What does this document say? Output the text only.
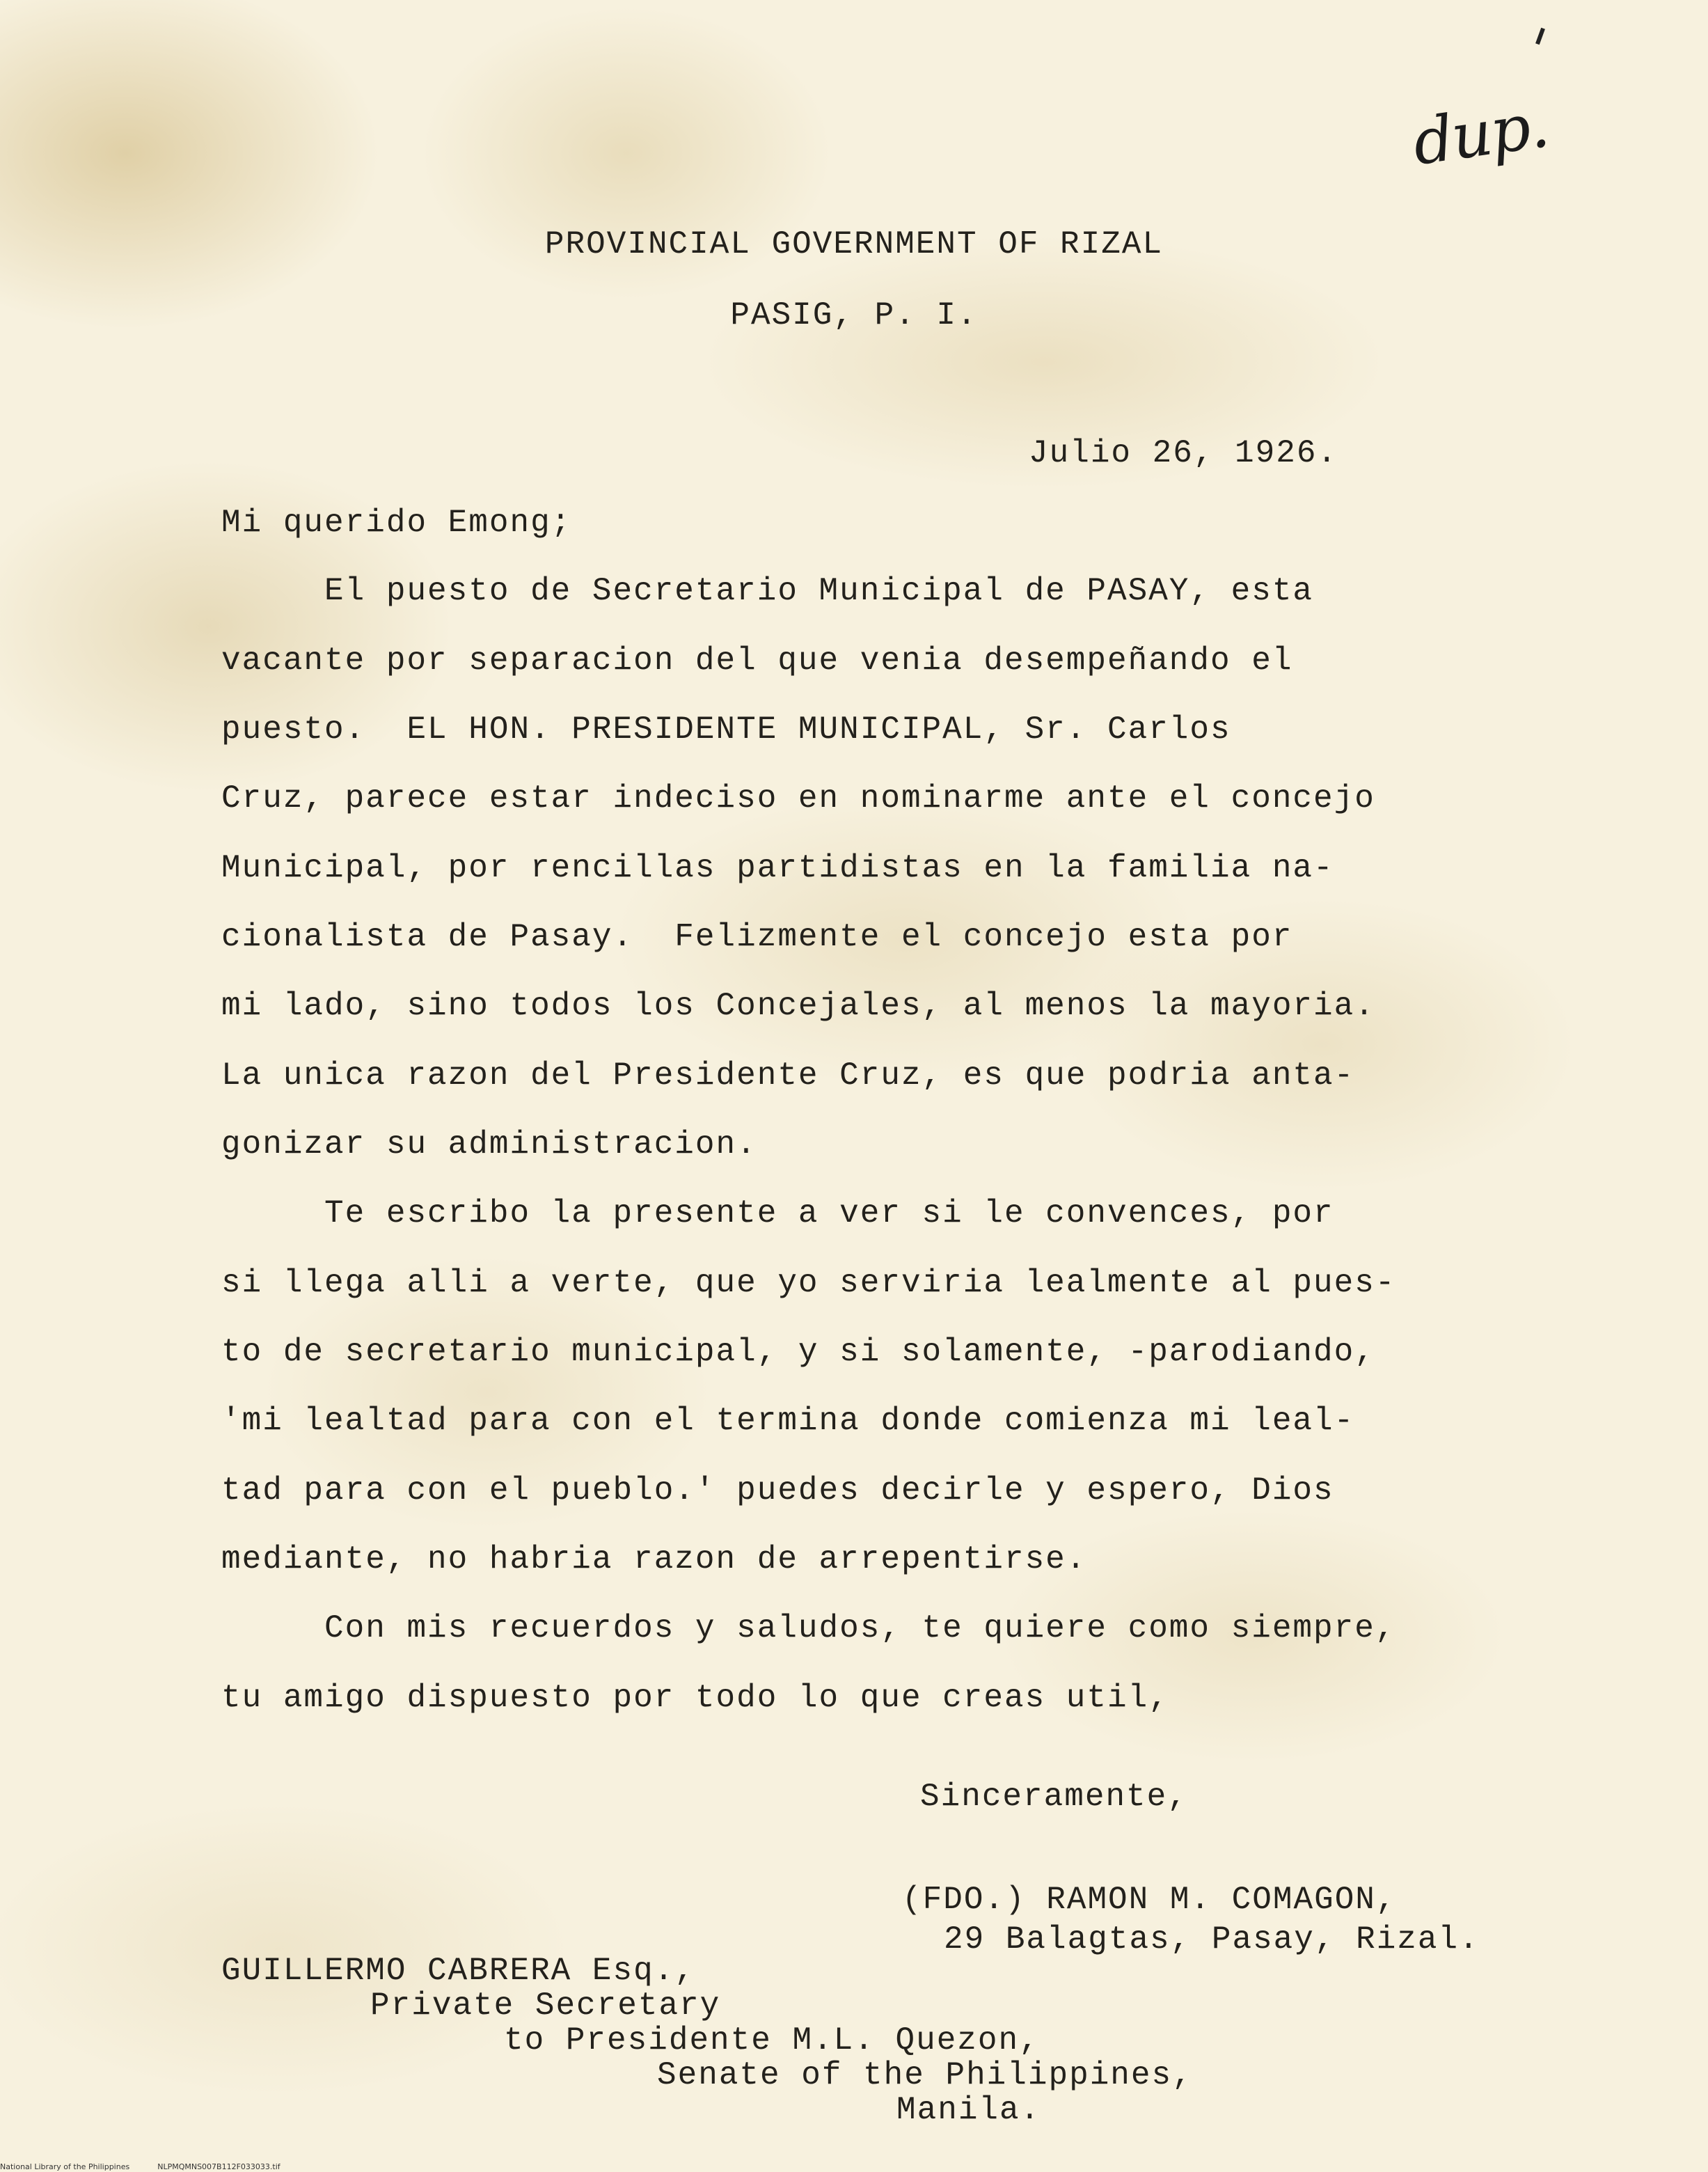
dup.
PROVINCIAL GOVERNMENT OF RIZAL
PASIG, P. I.
Julio 26, 1926.
Mi querido Emong;
El puesto de Secretario Municipal de PASAY, esta
vacante por separacion del que venia desempeñando el
puesto.  EL HON. PRESIDENTE MUNICIPAL, Sr. Carlos
Cruz, parece estar indeciso en nominarme ante el concejo
Municipal, por rencillas partidistas en la familia na-
cionalista de Pasay.  Felizmente el concejo esta por
mi lado, sino todos los Concejales, al menos la mayoria.
La unica razon del Presidente Cruz, es que podria anta-
gonizar su administracion.
Te escribo la presente a ver si le convences, por
si llega alli a verte, que yo serviria lealmente al pues-
to de secretario municipal, y si solamente, -parodiando,
'mi lealtad para con el termina donde comienza mi leal-
tad para con el pueblo.' puedes decirle y espero, Dios
mediante, no habria razon de arrepentirse.
Con mis recuerdos y saludos, te quiere como siempre,
tu amigo dispuesto por todo lo que creas util,
Sinceramente,
(FDO.) RAMON M. COMAGON,
29 Balagtas, Pasay, Rizal.
GUILLERMO CABRERA Esq.,
Private Secretary
to Presidente M.L. Quezon,
Senate of the Philippines,
Manila.
National Library of the Philippines	NLPMQMNS007B112F033033.tif
